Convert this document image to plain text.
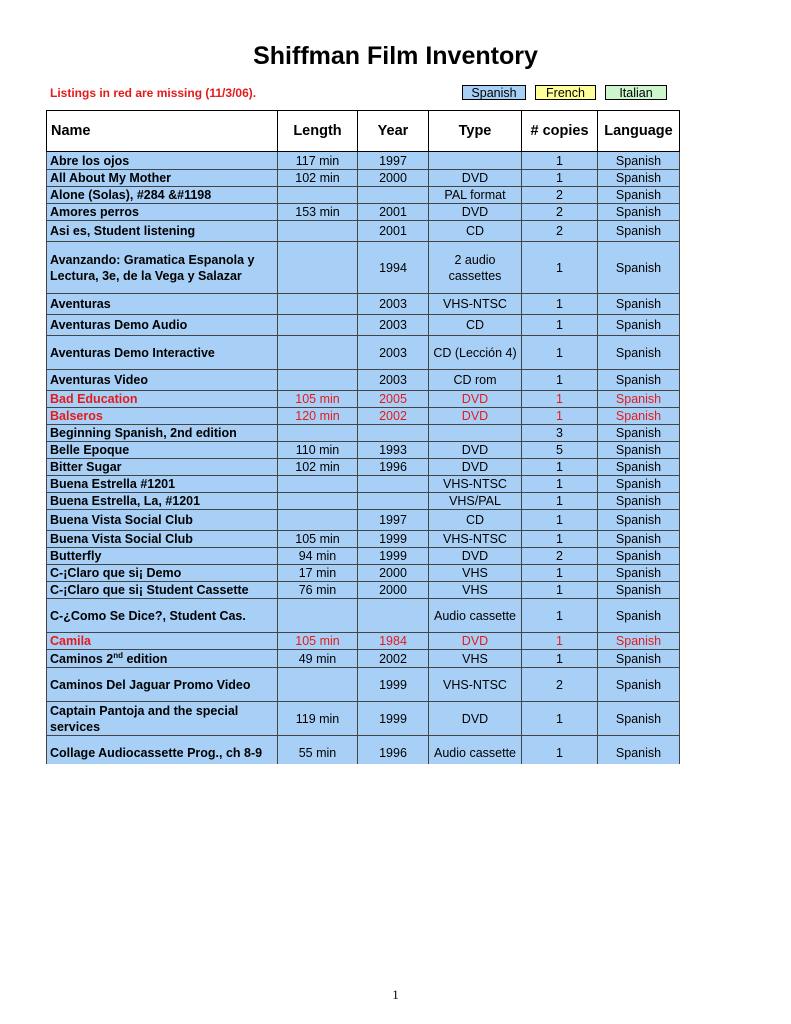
Shiffman Film Inventory
Listings in red are missing (11/3/06).	Spanish	French	Italian
Name	Length	Year	Type	# copies	Language
Abre los ojos	117 min	1997		1	Spanish
All About My Mother	102 min	2000	DVD	1	Spanish
Alone (Solas), #284 &#1198			PAL format	2	Spanish
Amores perros	153 min	2001	DVD	2	Spanish
Asi es, Student listening		2001	CD	2	Spanish
Avanzando: Gramatica Espanola y Lectura, 3e, de la Vega y Salazar		1994	2 audio cassettes	1	Spanish
Aventuras		2003	VHS-NTSC	1	Spanish
Aventuras Demo Audio		2003	CD	1	Spanish
Aventuras Demo Interactive		2003	CD (Lección 4)	1	Spanish
Aventuras Video		2003	CD rom	1	Spanish
Bad Education	105 min	2005	DVD	1	Spanish
Balseros	120 min	2002	DVD	1	Spanish
Beginning Spanish, 2nd edition				3	Spanish
Belle Epoque	110 min	1993	DVD	5	Spanish
Bitter Sugar	102 min	1996	DVD	1	Spanish
Buena Estrella #1201			VHS-NTSC	1	Spanish
Buena Estrella, La, #1201			VHS/PAL	1	Spanish
Buena Vista Social Club		1997	CD	1	Spanish
Buena Vista Social Club	105 min	1999	VHS-NTSC	1	Spanish
Butterfly	94 min	1999	DVD	2	Spanish
C-¡Claro que si¡ Demo	17 min	2000	VHS	1	Spanish
C-¡Claro que si¡ Student Cassette	76 min	2000	VHS	1	Spanish
C-¿Como Se Dice?, Student Cas.			Audio cassette	1	Spanish
Camila	105 min	1984	DVD	1	Spanish
Caminos 2nd edition	49 min	2002	VHS	1	Spanish
Caminos Del Jaguar Promo Video		1999	VHS-NTSC	2	Spanish
Captain Pantoja and the special services	119 min	1999	DVD	1	Spanish
Collage Audiocassette Prog., ch 8-9	55 min	1996	Audio cassette	1	Spanish
1
